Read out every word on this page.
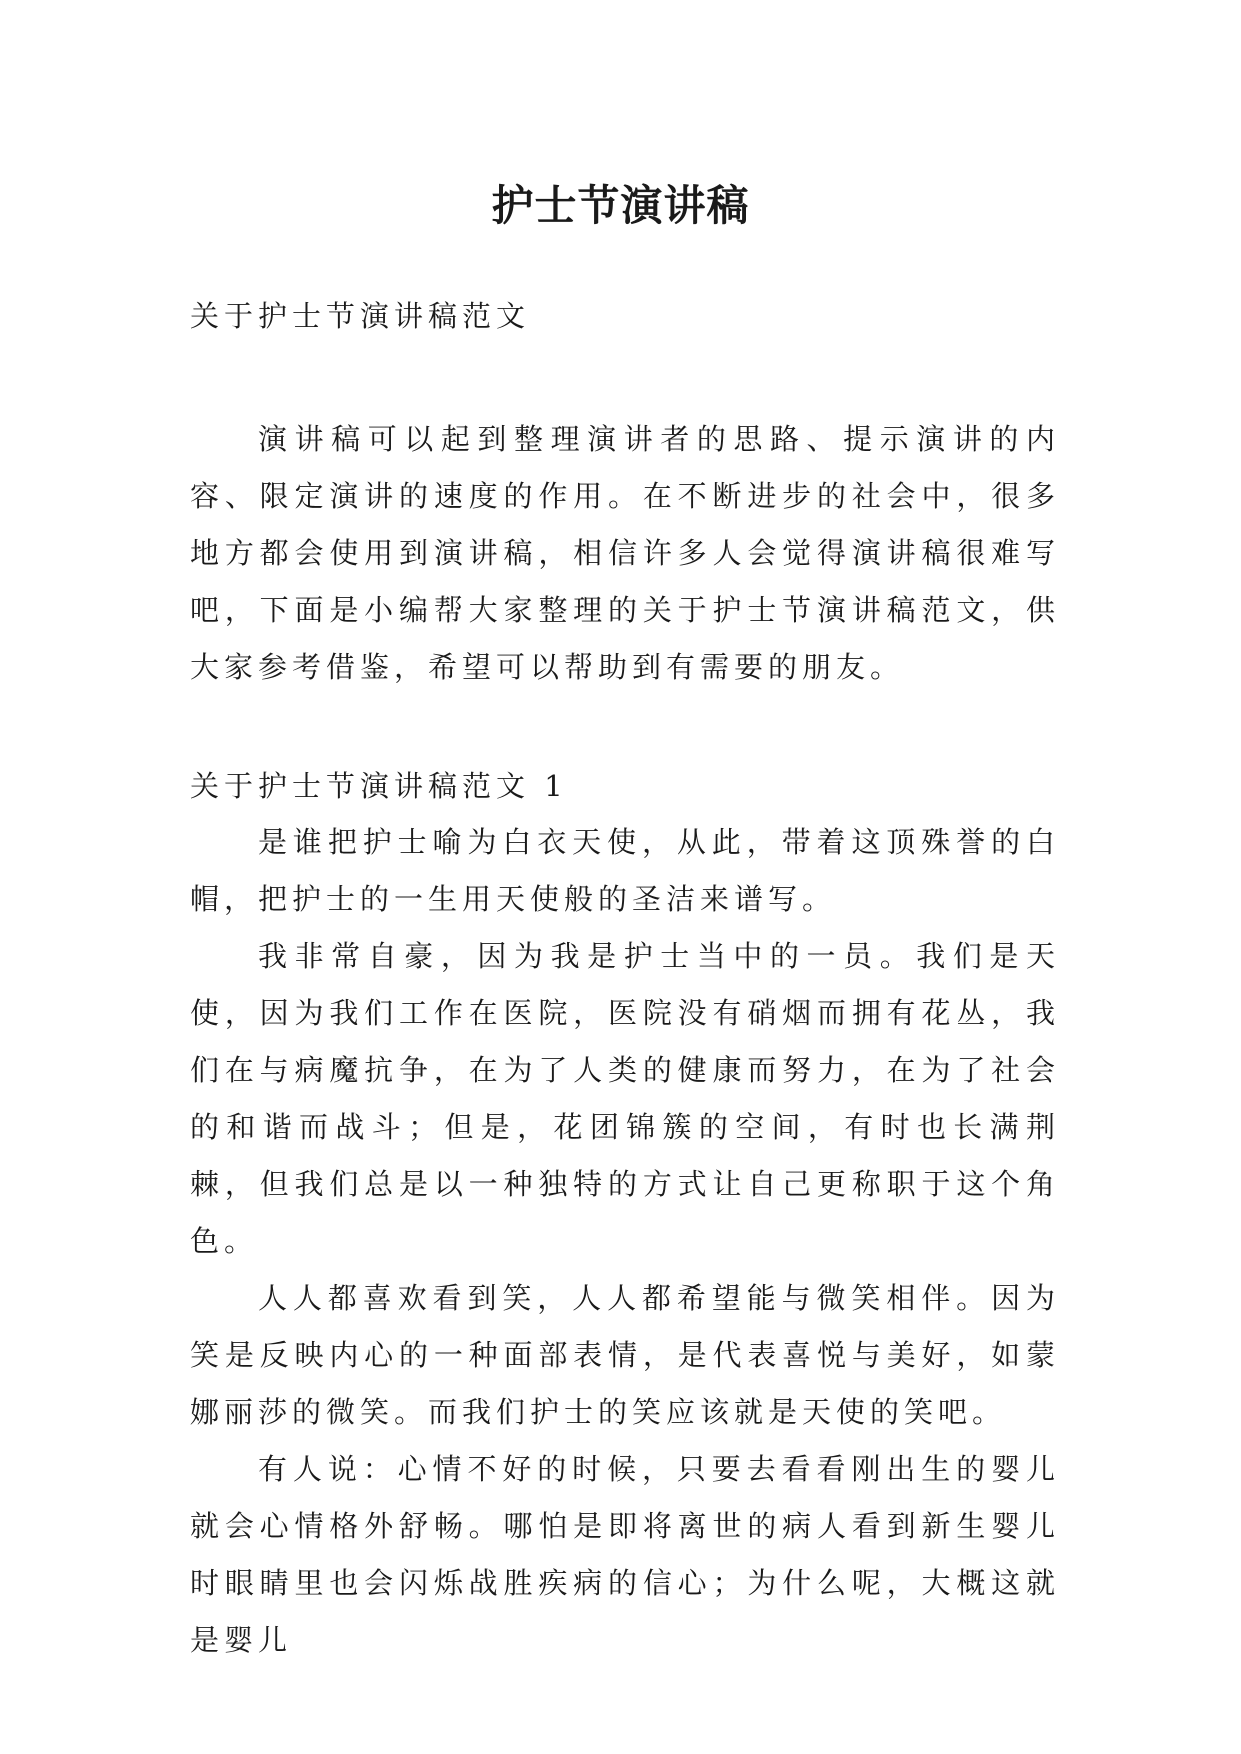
护士节演讲稿

关于护士节演讲稿范文

演讲稿可以起到整理演讲者的思路、提示演讲的内容、限定演讲的速度的作用。在不断进步的社会中，很多地方都会使用到演讲稿，相信许多人会觉得演讲稿很难写吧，下面是小编帮大家整理的关于护士节演讲稿范文，供大家参考借鉴，希望可以帮助到有需要的朋友。

关于护士节演讲稿范文 1

是谁把护士喻为白衣天使，从此，带着这顶殊誉的白帽，把护士的一生用天使般的圣洁来谱写。

我非常自豪，因为我是护士当中的一员。我们是天使，因为我们工作在医院，医院没有硝烟而拥有花丛，我们在与病魔抗争，在为了人类的健康而努力，在为了社会的和谐而战斗；但是，花团锦簇的空间，有时也长满荆棘，但我们总是以一种独特的方式让自己更称职于这个角色。

人人都喜欢看到笑，人人都希望能与微笑相伴。因为笑是反映内心的一种面部表情，是代表喜悦与美好，如蒙娜丽莎的微笑。而我们护士的笑应该就是天使的笑吧。

有人说：心情不好的时候，只要去看看刚出生的婴儿就会心情格外舒畅。哪怕是即将离世的病人看到新生婴儿时眼睛里也会闪烁战胜疾病的信心；为什么呢，大概这就是婴儿
